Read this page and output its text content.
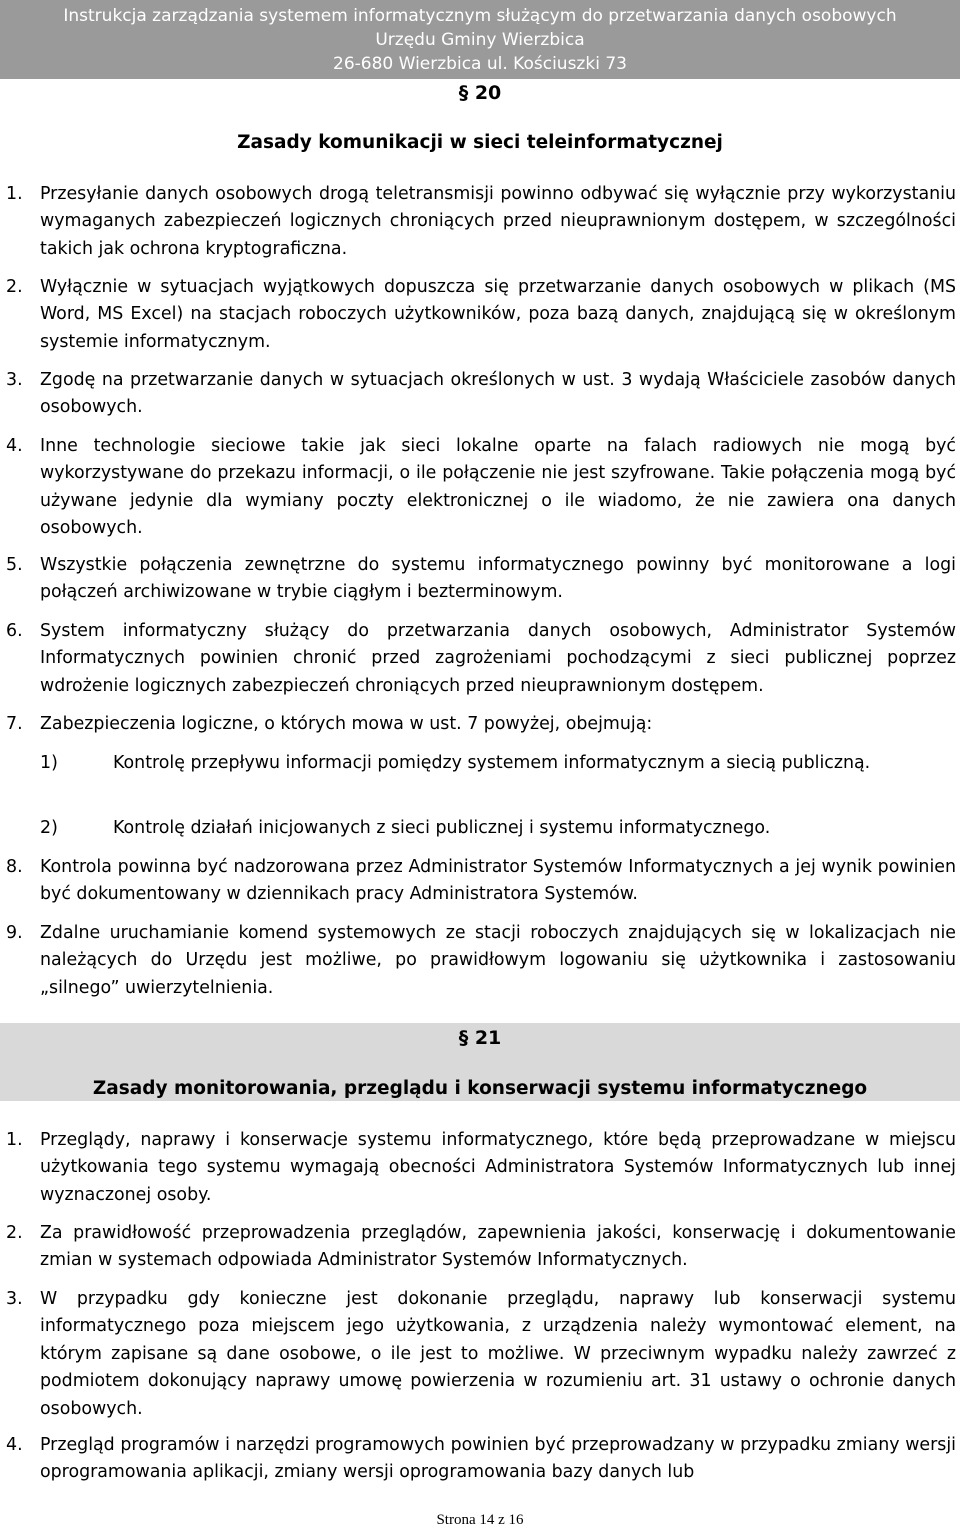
Instrukcja zarządzania systemem informatycznym służącym do przetwarzania danych osobowych
Urzędu Gminy Wierzbica
26-680 Wierzbica ul. Kościuszki 73
§ 20
Zasady komunikacji w sieci teleinformatycznej
1. Przesyłanie danych osobowych drogą teletransmisji powinno odbywać się wyłącznie przy wykorzystaniu wymaganych zabezpieczeń logicznych chroniących przed nieuprawnionym dostępem, w szczególności takich jak ochrona kryptograficzna.
2. Wyłącznie w sytuacjach wyjątkowych dopuszcza się przetwarzanie danych osobowych w plikach (MS Word, MS Excel) na stacjach roboczych użytkowników, poza bazą danych, znajdującą się w określonym systemie informatycznym.
3. Zgodę na przetwarzanie danych w sytuacjach określonych w ust. 3 wydają Właściciele zasobów danych osobowych.
4. Inne technologie sieciowe takie jak sieci lokalne oparte na falach radiowych nie mogą być wykorzystywane do przekazu informacji, o ile połączenie nie jest szyfrowane. Takie połączenia mogą być używane jedynie dla wymiany poczty elektronicznej o ile wiadomo, że nie zawiera ona danych osobowych.
5. Wszystkie połączenia zewnętrzne do systemu informatycznego powinny być monitorowane a logi połączeń archiwizowane w trybie ciągłym i bezterminowym.
6. System informatyczny służący do przetwarzania danych osobowych, Administrator Systemów Informatycznych powinien chronić przed zagrożeniami pochodzącymi z sieci publicznej poprzez wdrożenie logicznych zabezpieczeń chroniących przed nieuprawnionym dostępem.
7. Zabezpieczenia logiczne, o których mowa w ust. 7 powyżej, obejmują:
1)	Kontrolę przepływu informacji pomiędzy systemem informatycznym a siecią publiczną.
2)	Kontrolę działań inicjowanych z sieci publicznej i systemu informatycznego.
8. Kontrola powinna być nadzorowana przez Administrator Systemów Informatycznych a jej wynik powinien być dokumentowany w dziennikach pracy Administratora Systemów.
9. Zdalne uruchamianie komend systemowych ze stacji roboczych znajdujących się w lokalizacjach nie należących do Urzędu jest możliwe, po prawidłowym logowaniu się użytkownika i zastosowaniu „silnego” uwierzytelnienia.
§ 21
Zasady monitorowania, przeglądu i konserwacji systemu informatycznego
1. Przeglądy, naprawy i konserwacje systemu informatycznego, które będą przeprowadzane w miejscu użytkowania tego systemu wymagają obecności Administratora Systemów Informatycznych lub innej wyznaczonej osoby.
2. Za prawidłowość przeprowadzenia przeglądów, zapewnienia jakości, konserwację i dokumentowanie zmian w systemach odpowiada Administrator Systemów Informatycznych.
3. W przypadku gdy konieczne jest dokonanie przeglądu, naprawy lub konserwacji systemu informatycznego poza miejscem jego użytkowania, z urządzenia należy wymontować element, na którym zapisane są dane osobowe, o ile jest to możliwe. W przeciwnym wypadku należy zawrzeć z podmiotem dokonujący naprawy umowę powierzenia w rozumieniu art. 31 ustawy o ochronie danych osobowych.
4. Przegląd programów i narzędzi programowych powinien być przeprowadzany w przypadku zmiany wersji oprogramowania aplikacji, zmiany wersji oprogramowania bazy danych lub
Strona 14 z 16
